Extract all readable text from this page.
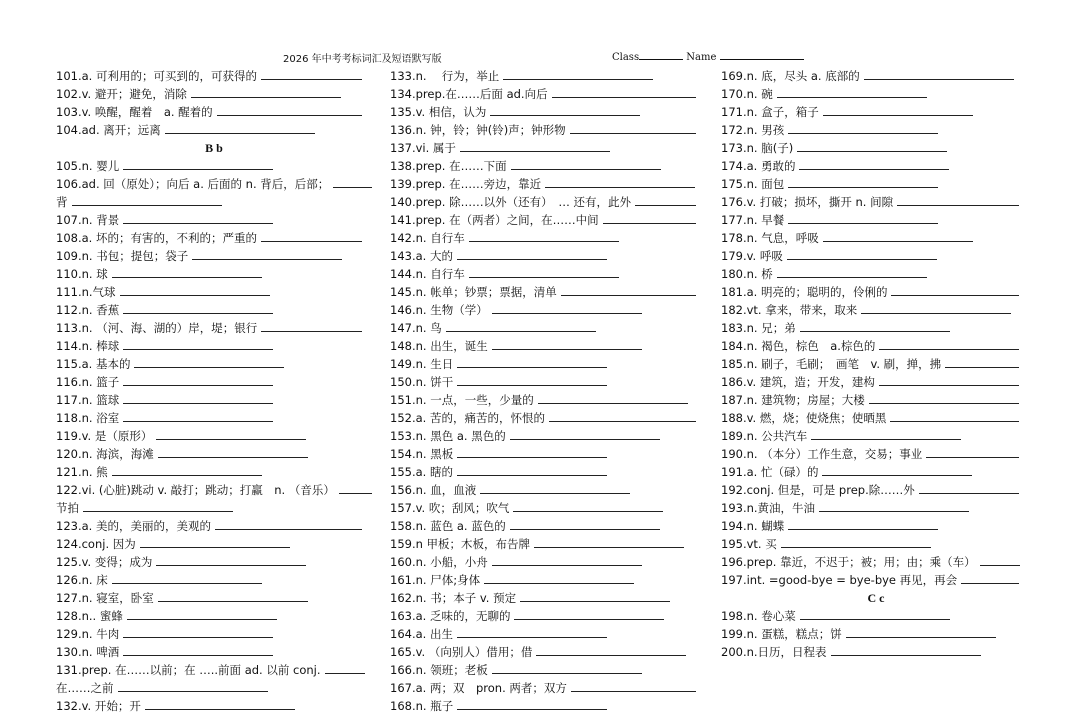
2026 年中考考标词汇及短语默写版	Class	Name
101.a. 可利用的；可买到的，可获得的
102.v. 避开；避免，消除
103.v. 唤醒，醒着　a. 醒着的
104.ad. 离开；远离
B b
105.n. 婴儿
106.ad. 回（原处）；向后 a. 后面的 n. 背后，后部；
背
107.n. 背景
108.a. 坏的；有害的，不利的；严重的
109.n. 书包；提包；袋子
110.n. 球
111.n.气球
112.n. 香蕉
113.n. （河、海、湖的）岸，堤；银行
114.n. 棒球
115.a. 基本的
116.n. 篮子
117.n. 篮球
118.n. 浴室
119.v. 是（原形）
120.n. 海滨，海滩
121.n. 熊
122.vi. (心脏)跳动 v. 敲打；跳动；打赢　n. （音乐）
节拍
123.a. 美的，美丽的，美观的
124.conj. 因为
125.v. 变得；成为
126.n. 床
127.n. 寝室，卧室
128.n.. 蜜蜂
129.n. 牛肉
130.n. 啤酒
131.prep. 在……以前；在 …..前面 ad. 以前 conj.
在……之前
132.v. 开始；开
133.n. 　行为，举止
134.prep.在……后面 ad.向后
135.v. 相信，认为
136.n. 钟，铃；钟(铃)声；钟形物
137.vi. 属于
138.prep. 在……下面
139.prep. 在……旁边，靠近
140.prep. 除……以外（还有）　… 还有，此外
141.prep. 在（两者）之间，在……中间
142.n. 自行车
143.a. 大的
144.n. 自行车
145.n. 帐单；钞票；票据，清单
146.n. 生物（学）
147.n. 鸟
148.n. 出生，诞生
149.n. 生日
150.n. 饼干
151.n. 一点，一些，少量的
152.a. 苦的，痛苦的，怀恨的
153.n. 黑色 a. 黑色的
154.n. 黑板
155.a. 瞎的
156.n. 血，血液
157.v. 吹；刮风；吹气
158.n. 蓝色 a. 蓝色的
159.n 甲板；木板，布告牌
160.n. 小船，小舟
161.n. 尸体;身体
162.n. 书；本子 v. 预定
163.a. 乏味的，无聊的
164.a. 出生
165.v. （向别人）借用；借
166.n. 领班；老板
167.a. 两；双　pron. 两者；双方
168.n. 瓶子
169.n. 底，尽头 a. 底部的
170.n. 碗
171.n. 盒子，箱子
172.n. 男孩
173.n. 脑(子)
174.a. 勇敢的
175.n. 面包
176.v. 打破；损坏，撕开 n. 间隙
177.n. 早餐
178.n. 气息，呼吸
179.v. 呼吸
180.n. 桥
181.a. 明亮的；聪明的，伶俐的
182.vt. 拿来，带来，取来
183.n. 兄；弟
184.n. 褐色，棕色　a.棕色的
185.n. 刷子，毛刷；　画笔　v. 刷，掸，拂
186.v. 建筑，造；开发，建构
187.n. 建筑物；房屋；大楼
188.v. 燃，烧；使烧焦；使晒黑
189.n. 公共汽车
190.n. （本分）工作生意，交易；事业
191.a. 忙（碌）的
192.conj. 但是，可是 prep.除……外
193.n.黄油，牛油
194.n. 蝴蝶
195.vt. 买
196.prep. 靠近，不迟于；被；用；由；乘（车）
197.int. =good-bye = bye-bye 再见，再会
C c
198.n. 卷心菜
199.n. 蛋糕，糕点；饼
200.n.日历，日程表
